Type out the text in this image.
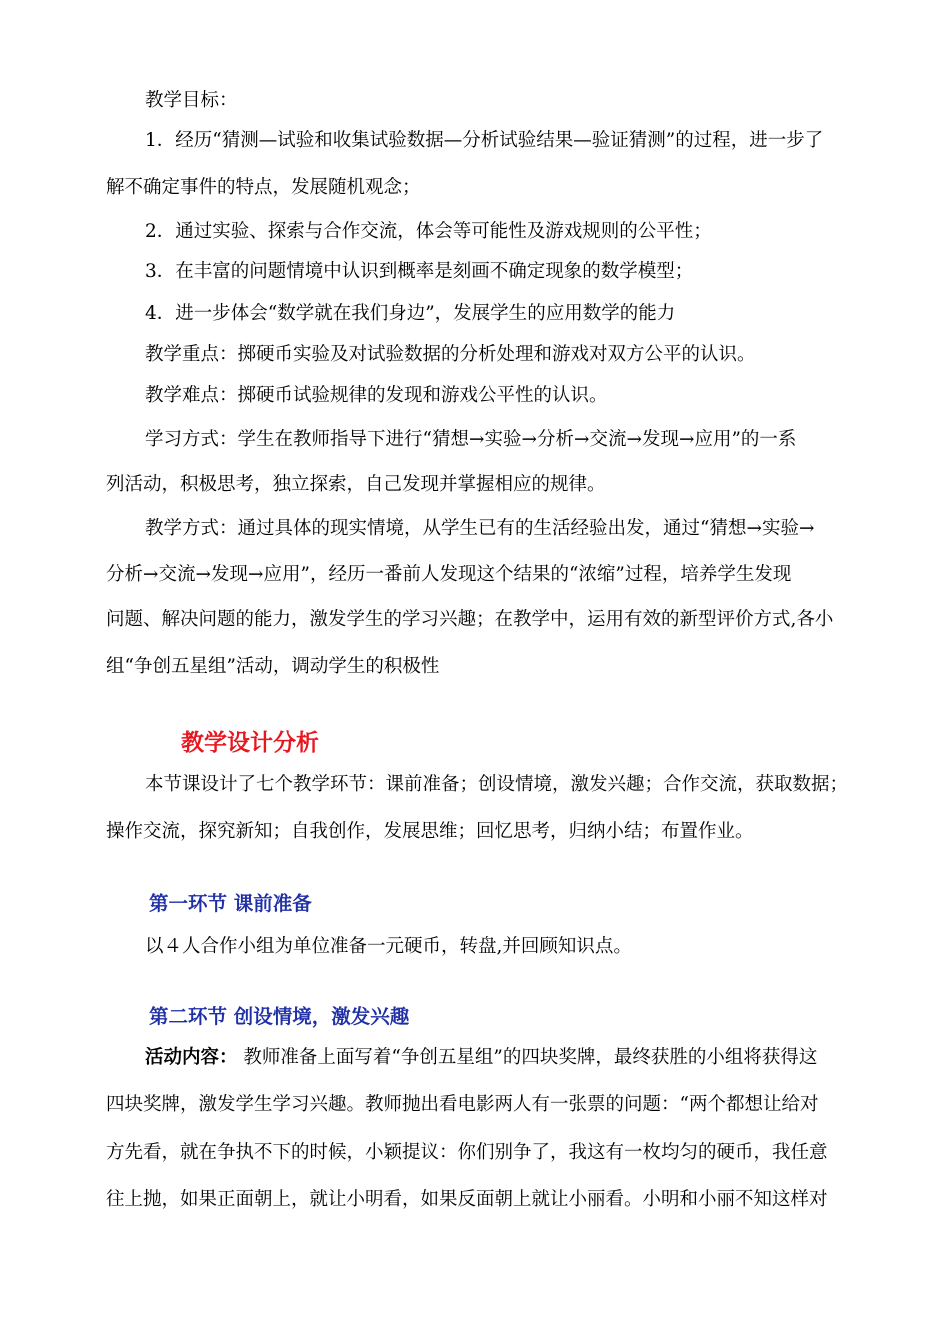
教学目标：
1．经历“猜测—试验和收集试验数据—分析试验结果—验证猜测”的过程，进一步了
解不确定事件的特点，发展随机观念；
2．通过实验、探索与合作交流，体会等可能性及游戏规则的公平性；
3．在丰富的问题情境中认识到概率是刻画不确定现象的数学模型；
4．进一步体会“数学就在我们身边”，发展学生的应用数学的能力
教学重点：掷硬币实验及对试验数据的分析处理和游戏对双方公平的认识。
教学难点：掷硬币试验规律的发现和游戏公平性的认识。
学习方式：学生在教师指导下进行“猜想→实验→分析→交流→发现→应用”的一系
列活动，积极思考，独立探索，自己发现并掌握相应的规律。
教学方式：通过具体的现实情境，从学生已有的生活经验出发，通过“猜想→实验→
分析→交流→发现→应用”，经历一番前人发现这个结果的“浓缩”过程，培养学生发现
问题、解决问题的能力，激发学生的学习兴趣；在教学中，运用有效的新型评价方式,各小
组“争创五星组”活动，调动学生的积极性
教学设计分析
本节课设计了七个教学环节：课前准备；创设情境，激发兴趣；合作交流，获取数据；
操作交流，探究新知；自我创作，发展思维；回忆思考，归纳小结；布置作业。
第一环节 课前准备
以４人合作小组为单位准备一元硬币，转盘,并回顾知识点。
第二环节 创设情境，激发兴趣
活动内容： 教师准备上面写着“争创五星组”的四块奖牌，最终获胜的小组将获得这
四块奖牌，激发学生学习兴趣。教师抛出看电影两人有一张票的问题：“两个都想让给对
方先看，就在争执不下的时候，小颖提议：你们别争了，我这有一枚均匀的硬币，我任意
往上抛，如果正面朝上，就让小明看，如果反面朝上就让小丽看。小明和小丽不知这样对
